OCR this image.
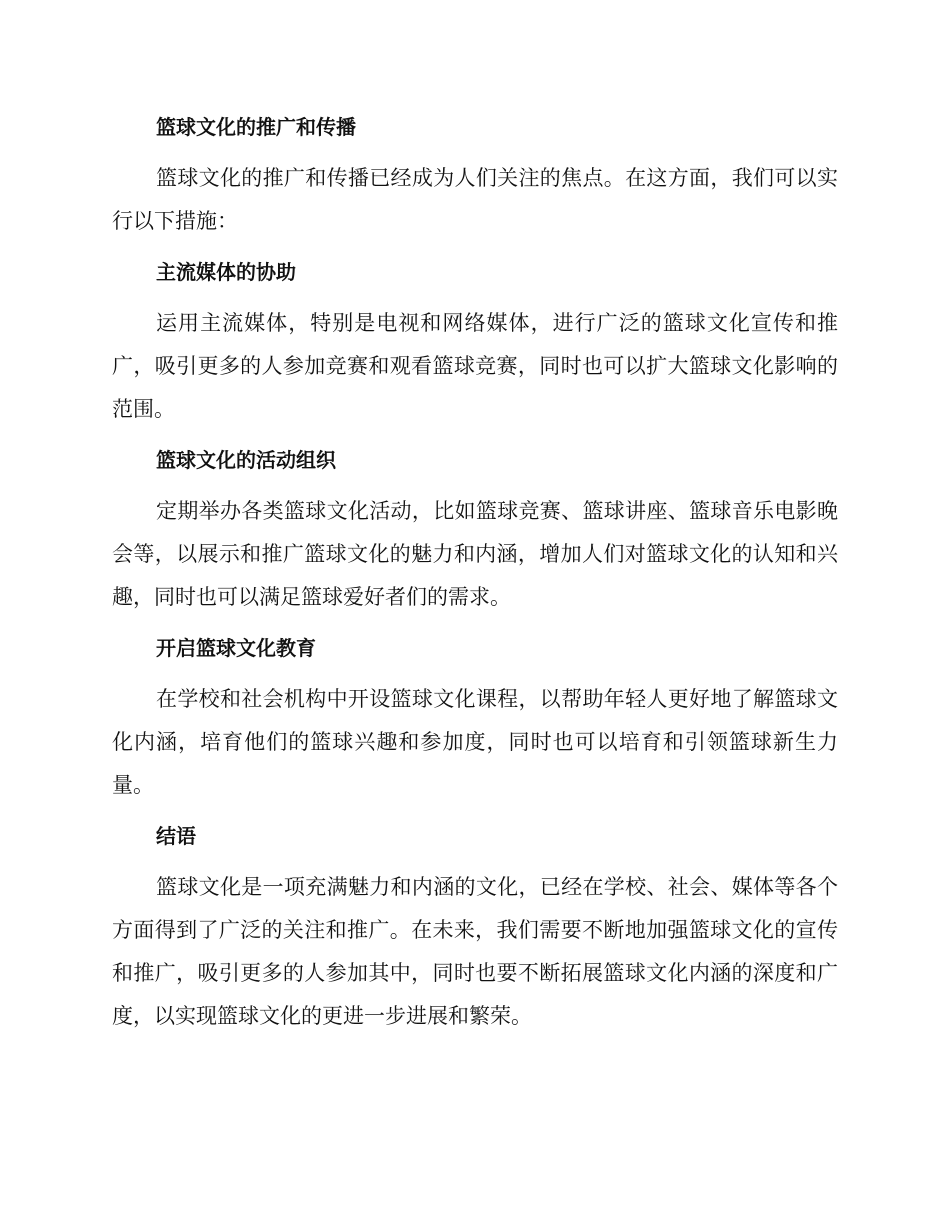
篮球文化的推广和传播

篮球文化的推广和传播已经成为人们关注的焦点。在这方面，我们可以实行以下措施：

主流媒体的协助

运用主流媒体，特别是电视和网络媒体，进行广泛的篮球文化宣传和推广，吸引更多的人参加竞赛和观看篮球竞赛，同时也可以扩大篮球文化影响的范围。

篮球文化的活动组织

定期举办各类篮球文化活动，比如篮球竞赛、篮球讲座、篮球音乐电影晚会等，以展示和推广篮球文化的魅力和内涵，增加人们对篮球文化的认知和兴趣，同时也可以满足篮球爱好者们的需求。

开启篮球文化教育

在学校和社会机构中开设篮球文化课程，以帮助年轻人更好地了解篮球文化内涵，培育他们的篮球兴趣和参加度，同时也可以培育和引领篮球新生力量。

结语

篮球文化是一项充满魅力和内涵的文化，已经在学校、社会、媒体等各个方面得到了广泛的关注和推广。在未来，我们需要不断地加强篮球文化的宣传和推广，吸引更多的人参加其中，同时也要不断拓展篮球文化内涵的深度和广度，以实现篮球文化的更进一步进展和繁荣。
